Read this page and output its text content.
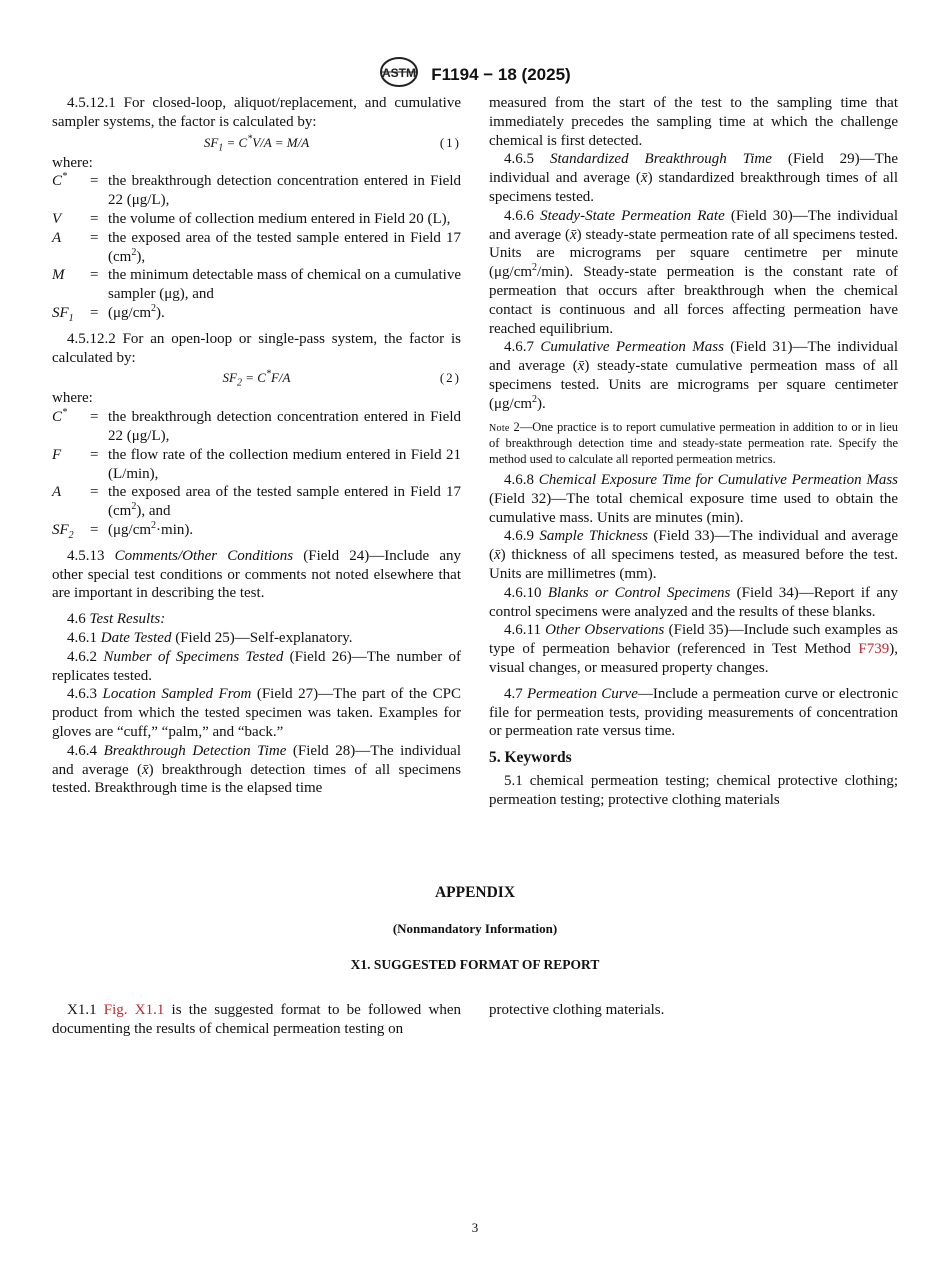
ASTM F1194 − 18 (2025)

4.5.12.1 For closed-loop, aliquot/replacement, and cumulative sampler systems, the factor is calculated by:

$SF_1 = C^*V/A = M/A$	(1)

where:

C*	= the breakthrough detection concentration entered in Field 22 (μg/L),
V	= the volume of collection medium entered in Field 20 (L),
A	= the exposed area of the tested sample entered in Field 17 $(cm^2)$,
M	= the minimum detectable mass of chemical on a cumulative sampler (μg), and
$SF_1$	= $(\mu g/cm^2)$.

4.5.12.2 For an open-loop or single-pass system, the factor is calculated by:

$SF_2 = C^*F/A$	(2)

where:

C*	= the breakthrough detection concentration entered in Field 22 (μg/L),
F	= the flow rate of the collection medium entered in Field 21 (L/min),
A	= the exposed area of the tested sample entered in Field 17 $(cm^2)$, and
$SF_2$	= $(\mu g/cm^2\cdot\min)$.

4.5.13 Comments/Other Conditions (Field 24)—Include any other special test conditions or comments not noted elsewhere that are important in describing the test.

4.6 Test Results:

4.6.1 Date Tested (Field 25)—Self-explanatory.

4.6.2 Number of Specimens Tested (Field 26)—The number of replicates tested.

4.6.3 Location Sampled From (Field 27)—The part of the CPC product from which the tested specimen was taken. Examples for gloves are “cuff,” “palm,” and “back.”

4.6.4 Breakthrough Detection Time (Field 28)—The individual and average (x̄) breakthrough detection times of all specimens tested. Breakthrough time is the elapsed time

measured from the start of the test to the sampling time that immediately precedes the sampling time at which the challenge chemical is first detected.

4.6.5 Standardized Breakthrough Time (Field 29)—The individual and average (x̄) standardized breakthrough times of all specimens tested.

4.6.6 Steady-State Permeation Rate (Field 30)—The individual and average (x̄) steady-state permeation rate of all specimens tested. Units are micrograms per square centimetre per minute $(\mu g/cm^2/\min)$. Steady-state permeation is the constant rate of permeation that occurs after breakthrough when the chemical contact is continuous and all forces affecting permeation have reached equilibrium.

4.6.7 Cumulative Permeation Mass (Field 31)—The individual and average (x̄) steady-state cumulative permeation mass of all specimens tested. Units are micrograms per square centimeter $(\mu g/cm^2)$.

Note 2—One practice is to report cumulative permeation in addition to or in lieu of breakthrough detection time and steady-state permeation rate. Specify the method used to calculate all reported permeation metrics.

4.6.8 Chemical Exposure Time for Cumulative Permeation Mass (Field 32)—The total chemical exposure time used to obtain the cumulative mass. Units are minutes (min).

4.6.9 Sample Thickness (Field 33)—The individual and average (x̄) thickness of all specimens tested, as measured before the test. Units are millimetres (mm).

4.6.10 Blanks or Control Specimens (Field 34)—Report if any control specimens were analyzed and the results of these blanks.

4.6.11 Other Observations (Field 35)—Include such examples as type of permeation behavior (referenced in Test Method F739), visual changes, or measured property changes.

4.7 Permeation Curve—Include a permeation curve or electronic file for permeation tests, providing measurements of concentration or permeation rate versus time.

5. Keywords

5.1 chemical permeation testing; chemical protective clothing; permeation testing; protective clothing materials

APPENDIX
(Nonmandatory Information)
X1. SUGGESTED FORMAT OF REPORT

X1.1 Fig. X1.1 is the suggested format to be followed when documenting the results of chemical permeation testing on

protective clothing materials.

3
